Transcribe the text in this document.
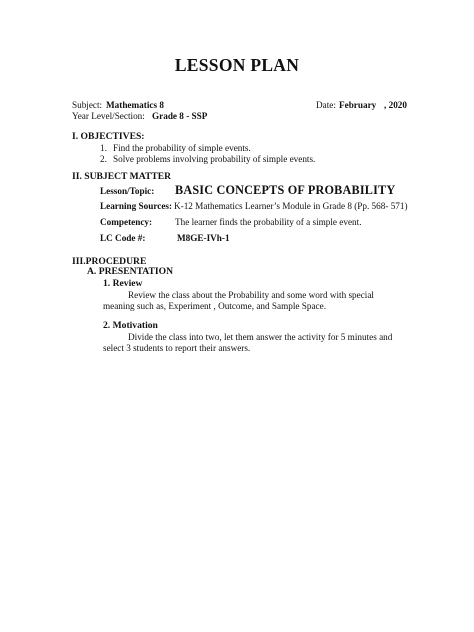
LESSON PLAN
Subject: Mathematics 8	Date: February , 2020
Year Level/Section: Grade 8 - SSP
I. OBJECTIVES:
1. Find the probability of simple events.
2. Solve problems involving probability of simple events.
II. SUBJECT MATTER
Lesson/Topic: BASIC CONCEPTS OF PROBABILITY
Learning Sources: K-12 Mathematics Learner’s Module in Grade 8 (Pp. 568- 571)
Competency: The learner finds the probability of a simple event.
LC Code #:	M8GE-IVh-1
III.PROCEDURE
A. PRESENTATION
1. Review
Review the class about the Probability and some word with special
meaning such as, Experiment , Outcome, and Sample Space.
2. Motivation
Divide the class into two, let them answer the activity for 5 minutes and
select 3 students to report their answers.
